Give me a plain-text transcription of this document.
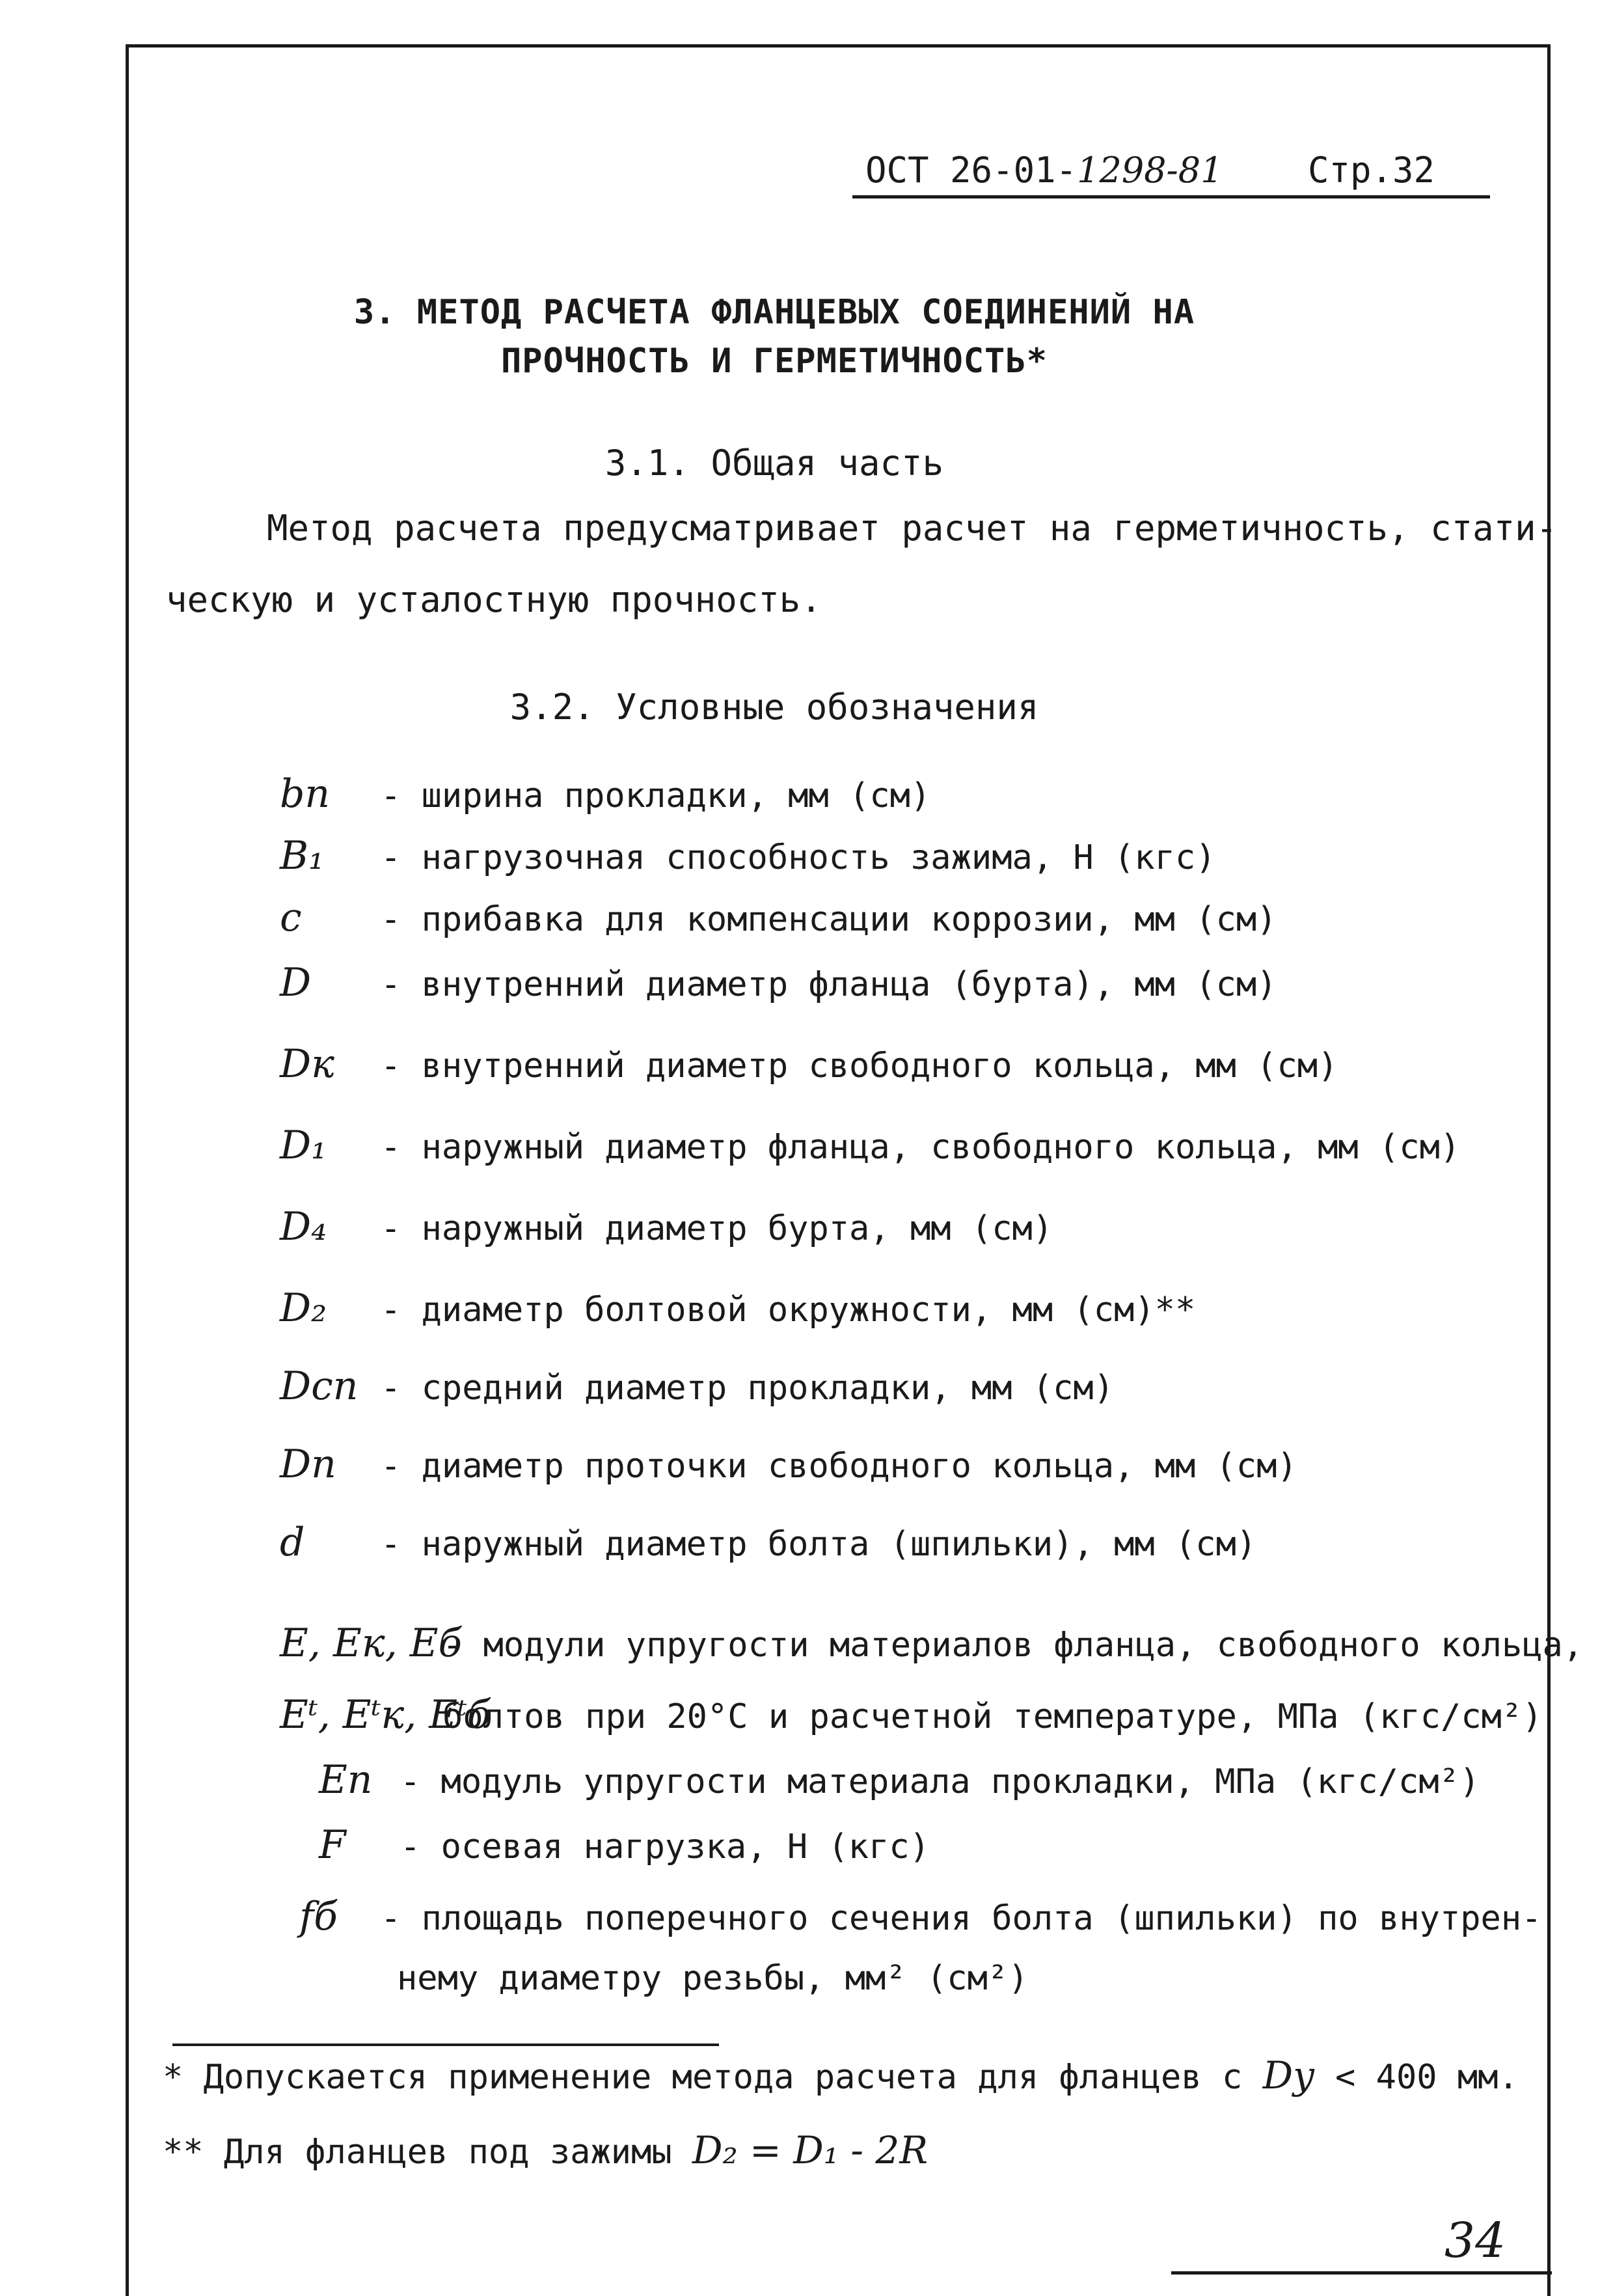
ОСТ 26-01-1298-81 Стр.32
3. МЕТОД РАСЧЕТА ФЛАНЦЕВЫХ СОЕДИНЕНИЙ НА
ПРОЧНОСТЬ И ГЕРМЕТИЧНОСТЬ*
3.1. Общая часть
Метод расчета предусматривает расчет на герметичность, стати-
ческую и усталостную прочность.
3.2. Условные обозначения
bп - ширина прокладки, мм (см)
B₁ - нагрузочная способность зажима, Н (кгс)
c - прибавка для компенсации коррозии, мм (см)
D - внутренний диаметр фланца (бурта), мм (см)
Dк - внутренний диаметр свободного кольца, мм (см)
D₁ - наружный диаметр фланца, свободного кольца, мм (см)
D₄ - наружный диаметр бурта, мм (см)
D₂ - диаметр болтовой окружности, мм (см)**
Dсп - средний диаметр прокладки, мм (см)
Dп - диаметр проточки свободного кольца, мм (см)
d - наружный диаметр болта (шпильки), мм (см)
E, Eк, Eб- модули упругости материалов фланца, свободного кольца,
Eᵗ, Eᵗк, Eᵗбболтов при 20°С и расчетной температуре, МПа (кгс/см²)
Eп - модуль упругости материала прокладки, МПа (кгс/см²)
F - осевая нагрузка, Н (кгс)
fб - площадь поперечного сечения болта (шпильки) по внутрен-
нему диаметру резьбы, мм² (см²)
* Допускается применение метода расчета для фланцев с Dу < 400 мм.
** Для фланцев под зажимы D₂ = D₁ - 2R
34
